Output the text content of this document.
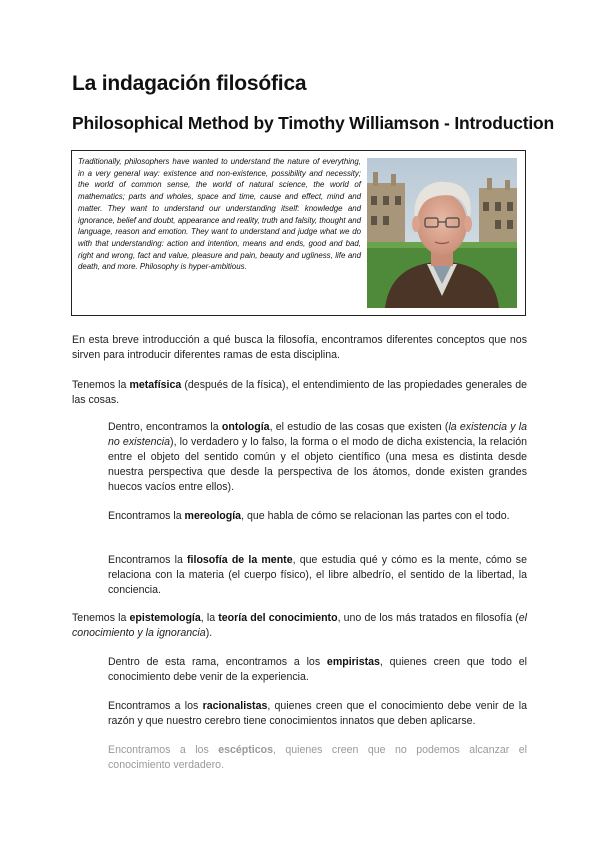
La indagación filosófica
Philosophical Method by Timothy Williamson - Introduction

Traditionally, philosophers have wanted to understand the nature of everything, in a very general way: existence and non-existence, possibility and necessity; the world of common sense, the world of natural science, the world of mathematics; parts and wholes, space and time, cause and effect, mind and matter. They want to understand our understanding itself: knowledge and ignorance, belief and doubt, appearance and reality, truth and falsity, thought and language, reason and emotion. They want to understand and judge what we do with that understanding: action and intention, means and ends, good and bad, right and wrong, fact and value, pleasure and pain, beauty and ugliness, life and death, and more. Philosophy is hyper-ambitious.

En esta breve introducción a qué busca la filosofía, encontramos diferentes conceptos que nos sirven para introducir diferentes ramas de esta disciplina.

Tenemos la metafísica (después de la física), el entendimiento de las propiedades generales de las cosas.

Dentro, encontramos la ontología, el estudio de las cosas que existen (la existencia y la no existencia), lo verdadero y lo falso, la forma o el modo de dicha existencia, la relación entre el objeto del sentido común y el objeto científico (una mesa es distinta desde nuestra perspectiva que desde la perspectiva de los átomos, donde existen grandes huecos vacíos entre ellos).

Encontramos la mereología, que habla de cómo se relacionan las partes con el todo.

Encontramos la filosofía de la mente, que estudia qué y cómo es la mente, cómo se relaciona con la materia (el cuerpo físico), el libre albedrío, el sentido de la libertad, la conciencia.

Tenemos la epistemología, la teoría del conocimiento, uno de los más tratados en filosofía (el conocimiento y la ignorancia).

Dentro de esta rama, encontramos a los empiristas, quienes creen que todo el conocimiento debe venir de la experiencia.

Encontramos a los racionalistas, quienes creen que el conocimiento debe venir de la razón y que nuestro cerebro tiene conocimientos innatos que deben aplicarse.

Encontramos a los escépticos, quienes creen que no podemos alcanzar el conocimiento verdadero.
